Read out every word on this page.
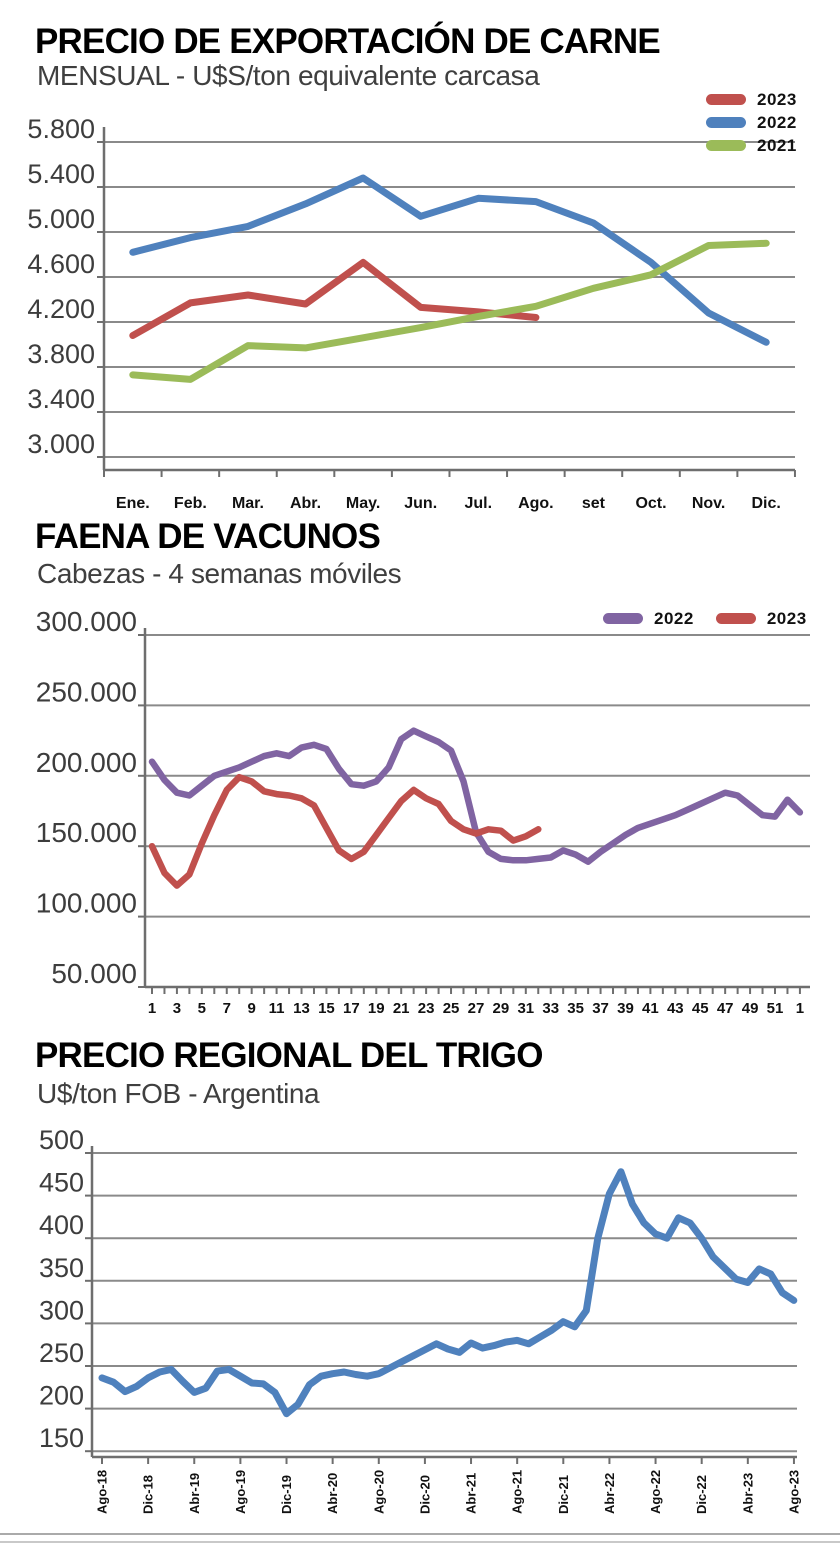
PRECIO DE EXPORTACIÓN DE CARNE
MENSUAL - U$S/ton equivalente carcasa
5.800
5.400
5.000
4.600
4.200
3.800
3.400
3.000
Ene. Feb. Mar. Abr. May. Jun. Jul. Ago. set Oct. Nov. Dic.
2023
2022
2021
FAENA DE VACUNOS
Cabezas - 4 semanas móviles
300.000
250.000
200.000
150.000
100.000
50.000
1 3 5 7 9 11 13 15 17 19 21 23 25 27 29 31 33 35 37 39 41 43 45 47 49 51 1
2022	2023
PRECIO REGIONAL DEL TRIGO
U$/ton FOB - Argentina
500
450
400
350
300
250
200
150
Ago-18 Dic-18 Abr-19 Ago-19 Dic-19 Abr-20 Ago-20 Dic-20 Abr-21 Ago-21 Dic-21 Abr-22 Ago-22 Dic-22 Abr-23 Ago-23
